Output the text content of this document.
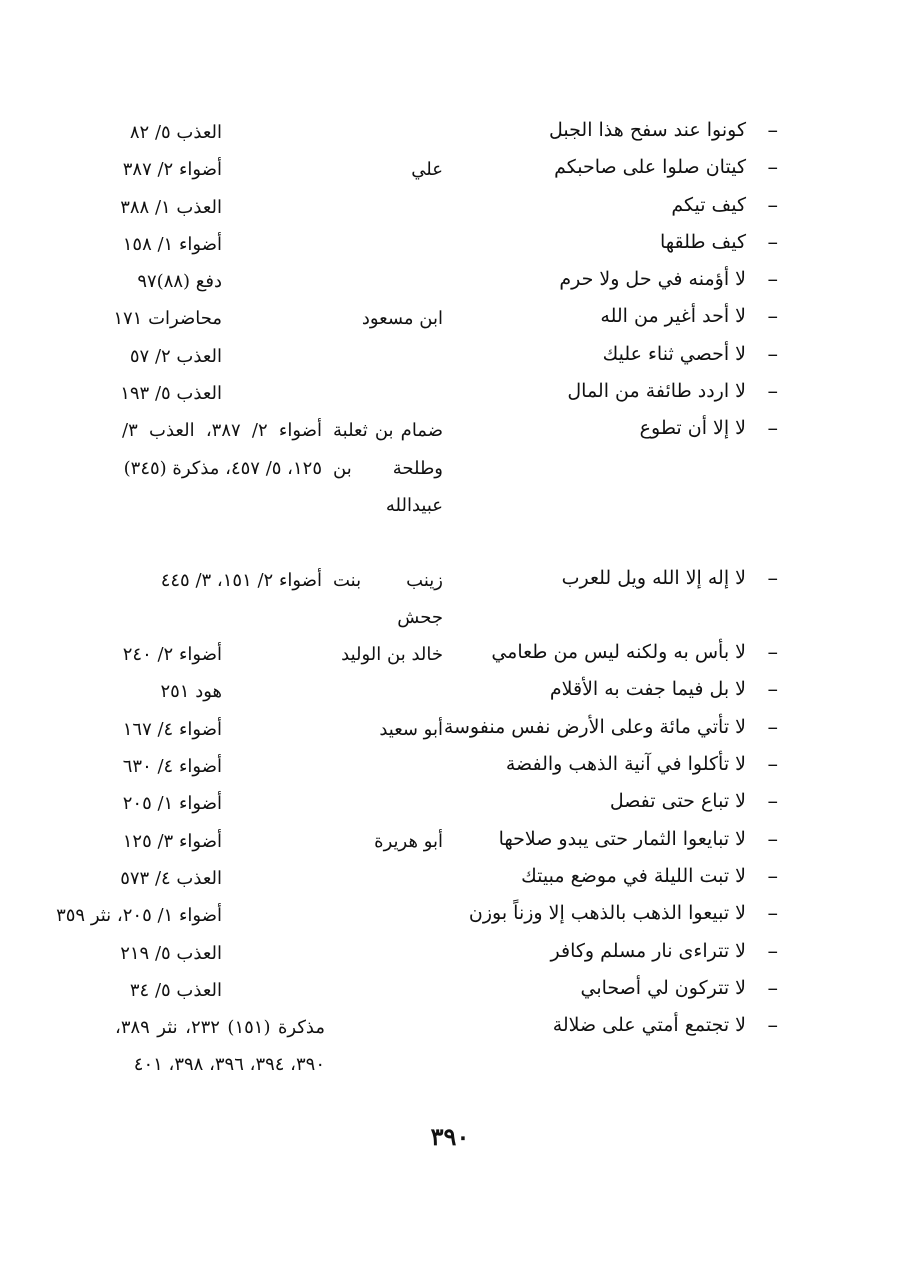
–
كونوا عند سفح هذا الجبل
العذب ٥/ ٨٢
–
كيتان صلوا على صاحبكم
علي
أضواء ٢/ ٣٨٧
–
كيف تيكم
العذب ١/ ٣٨٨
–
كيف طلقها
أضواء ١/ ١٥٨
–
لا أؤمنه في حل ولا حرم
دفع (٨٨)٩٧
–
لا أحد أغير من الله
ابن مسعود
محاضرات ١٧١
–
لا أحصي ثناء عليك
العذب ٢/ ٥٧
–
لا اردد طائفة من المال
العذب ٥/ ١٩٣
–
لا إلا أن تطوع
ضمام بن ثعلبة وطلحة بن عبيدالله
أضواء ٢/ ٣٨٧، العذب ٣/ ١٢٥، ٥/ ٤٥٧، مذكرة (٣٤٥)
–
لا إله إلا الله ويل للعرب
زينب بنت جحش
أضواء ٢/ ١٥١، ٣/ ٤٤٥
–
لا بأس به ولكنه ليس من طعامي
خالد بن الوليد
أضواء ٢/ ٢٤٠
–
لا بل فيما جفت به الأقلام
هود ٢٥١
–
لا تأتي مائة وعلى الأرض نفس منفوسة
أبو سعيد
أضواء ٤/ ١٦٧
–
لا تأكلوا في آنية الذهب والفضة
أضواء ٤/ ٦٣٠
–
لا تباع حتى تفصل
أضواء ١/ ٢٠٥
–
لا تبايعوا الثمار حتى يبدو صلاحها
أبو هريرة
أضواء ٣/ ١٢٥
–
لا تبت الليلة في موضع مبيتك
العذب ٤/ ٥٧٣
–
لا تبيعوا الذهب بالذهب إلا وزناً بوزن
أضواء ١/ ٢٠٥، نثر ٣٥٩
–
لا تتراءى نار مسلم وكافر
العذب ٥/ ٢١٩
–
لا تتركون لي أصحابي
العذب ٥/ ٣٤
–
لا تجتمع أمتي على ضلالة
مذكرة (١٥١) ٢٣٢، نثر ٣٨٩، ٣٩٠، ٣٩٤، ٣٩٦، ٣٩٨، ٤٠١
٣٩٠
